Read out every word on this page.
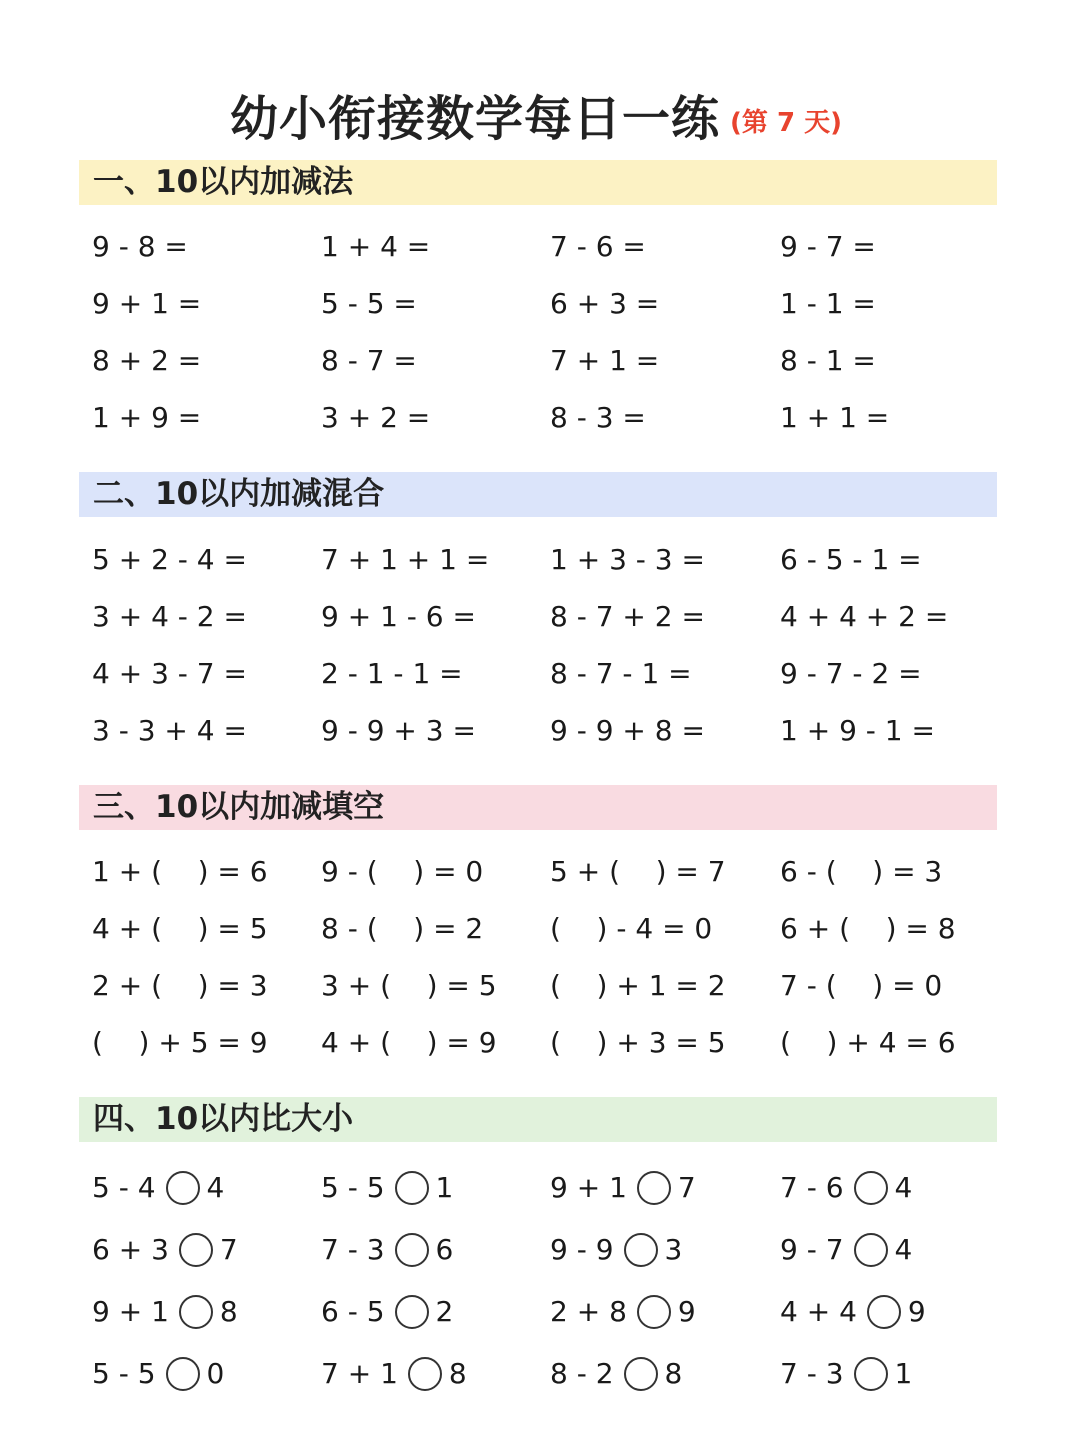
幼小衔接数学每日一练 (第 7 天)
一、10以内加减法
9 - 8 =	1 + 4 =	7 - 6 =	9 - 7 =
9 + 1 =	5 - 5 =	6 + 3 =	1 - 1 =
8 + 2 =	8 - 7 =	7 + 1 =	8 - 1 =
1 + 9 =	3 + 2 =	8 - 3 =	1 + 1 =
二、10以内加减混合
5 + 2 - 4 =	7 + 1 + 1 =	1 + 3 - 3 =	6 - 5 - 1 =
3 + 4 - 2 =	9 + 1 - 6 =	8 - 7 + 2 =	4 + 4 + 2 =
4 + 3 - 7 =	2 - 1 - 1 =	8 - 7 - 1 =	9 - 7 - 2 =
3 - 3 + 4 =	9 - 9 + 3 =	9 - 9 + 8 =	1 + 9 - 1 =
三、10以内加减填空
1 + (    ) = 6	9 - (    ) = 0	5 + (    ) = 7	6 - (    ) = 3
4 + (    ) = 5	8 - (    ) = 2	(    ) - 4 = 0	6 + (    ) = 8
2 + (    ) = 3	3 + (    ) = 5	(    ) + 1 = 2	7 - (    ) = 0
(    ) + 5 = 9	4 + (    ) = 9	(    ) + 3 = 5	(    ) + 4 = 6
四、10以内比大小
5 - 4 4	5 - 5 1	9 + 1 7	7 - 6 4
6 + 3 7	7 - 3 6	9 - 9 3	9 - 7 4
9 + 1 8	6 - 5 2	2 + 8 9	4 + 4 9
5 - 5 0	7 + 1 8	8 - 2 8	7 - 3 1
